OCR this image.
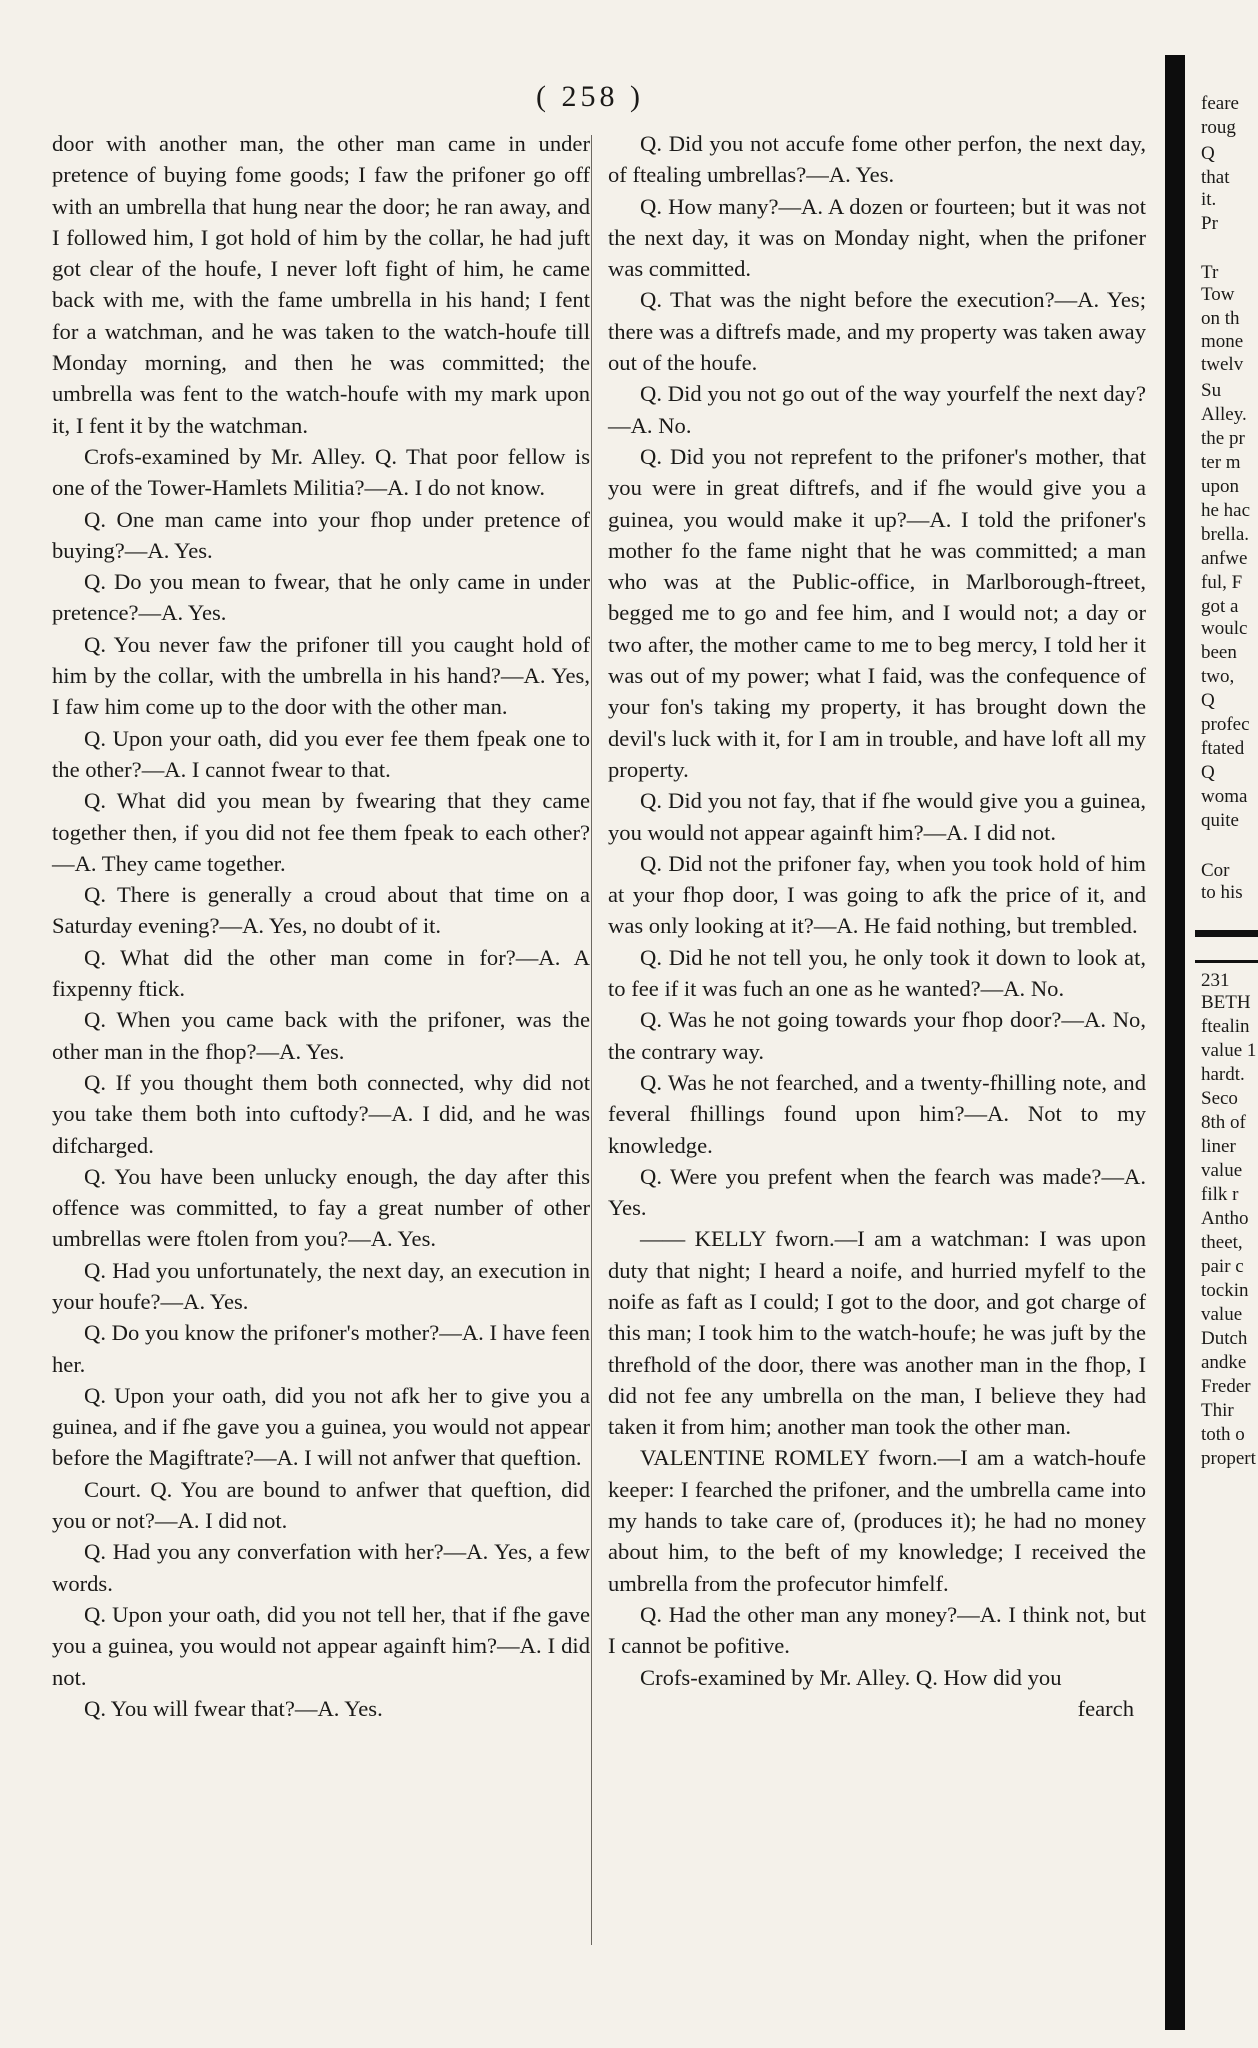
( 258 )

door with another man, the other man came in under pretence of buying fome goods; I faw the prifoner go off with an umbrella that hung near the door; he ran away, and I followed him, I got hold of him by the collar, he had juft got clear of the houfe, I never loft fight of him, he came back with me, with the fame umbrella in his hand; I fent for a watchman, and he was taken to the watch-houfe till Monday morning, and then he was committed; the umbrella was fent to the watch-houfe with my mark upon it, I fent it by the watchman.

Crofs-examined by Mr. Alley. Q. That poor fellow is one of the Tower-Hamlets Militia?—A. I do not know.

Q. One man came into your fhop under pretence of buying?—A. Yes.

Q. Do you mean to fwear, that he only came in under pretence?—A. Yes.

Q. You never faw the prifoner till you caught hold of him by the collar, with the umbrella in his hand?—A. Yes, I faw him come up to the door with the other man.

Q. Upon your oath, did you ever fee them fpeak one to the other?—A. I cannot fwear to that.

Q. What did you mean by fwearing that they came together then, if you did not fee them fpeak to each other?—A. They came together.

Q. There is generally a croud about that time on a Saturday evening?—A. Yes, no doubt of it.

Q. What did the other man come in for?—A. A fixpenny ftick.

Q. When you came back with the prifoner, was the other man in the fhop?—A. Yes.

Q. If you thought them both connected, why did not you take them both into cuftody?—A. I did, and he was difcharged.

Q. You have been unlucky enough, the day after this offence was committed, to fay a great number of other umbrellas were ftolen from you?—A. Yes.

Q. Had you unfortunately, the next day, an execution in your houfe?—A. Yes.

Q. Do you know the prifoner's mother?—A. I have feen her.

Q. Upon your oath, did you not afk her to give you a guinea, and if fhe gave you a guinea, you would not appear before the Magiftrate?—A. I will not anfwer that queftion.

Court. Q. You are bound to anfwer that queftion, did you or not?—A. I did not.

Q. Had you any converfation with her?—A. Yes, a few words.

Q. Upon your oath, did you not tell her, that if fhe gave you a guinea, you would not appear againft him?—A. I did not.

Q. You will fwear that?—A. Yes.

Q. Did you not accufe fome other perfon, the next day, of ftealing umbrellas?—A. Yes.

Q. How many?—A. A dozen or fourteen; but it was not the next day, it was on Monday night, when the prifoner was committed.

Q. That was the night before the execution?—A. Yes; there was a diftrefs made, and my property was taken away out of the houfe.

Q. Did you not go out of the way yourfelf the next day?—A. No.

Q. Did you not reprefent to the prifoner's mother, that you were in great diftrefs, and if fhe would give you a guinea, you would make it up?—A. I told the prifoner's mother fo the fame night that he was committed; a man who was at the Public-office, in Marlborough-ftreet, begged me to go and fee him, and I would not; a day or two after, the mother came to me to beg mercy, I told her it was out of my power; what I faid, was the confequence of your fon's taking my property, it has brought down the devil's luck with it, for I am in trouble, and have loft all my property.

Q. Did you not fay, that if fhe would give you a guinea, you would not appear againft him?—A. I did not.

Q. Did not the prifoner fay, when you took hold of him at your fhop door, I was going to afk the price of it, and was only looking at it?—A. He faid nothing, but trembled.

Q. Did he not tell you, he only took it down to look at, to fee if it was fuch an one as he wanted?—A. No.

Q. Was he not going towards your fhop door?—A. No, the contrary way.

Q. Was he not fearched, and a twenty-fhilling note, and feveral fhillings found upon him?—A. Not to my knowledge.

Q. Were you prefent when the fearch was made?—A. Yes.

—— KELLY fworn.—I am a watchman: I was upon duty that night; I heard a noife, and hurried myfelf to the noife as faft as I could; I got to the door, and got charge of this man; I took him to the watch-houfe; he was juft by the threfhold of the door, there was another man in the fhop, I did not fee any umbrella on the man, I believe they had taken it from him; another man took the other man.

VALENTINE ROMLEY fworn.—I am a watch-houfe keeper: I fearched the prifoner, and the umbrella came into my hands to take care of, (produces it); he had no money about him, to the beft of my knowledge; I received the umbrella from the profecutor himfelf.

Q. Had the other man any money?—A. I think not, but I cannot be pofitive.

Crofs-examined by Mr. Alley. Q. How did you

fearch

feare
roug
Q
that
it.
Pr
Tr
Tow
on th
mone
twelv
Su
Alley.
the pr
ter m
upon
he hac
brella.
anfwe
ful, F
got a
woulc
been
two,
Q
profec
ftated
Q
woma
quite
Cor
to his
231
BETH
ftealin
value 1
hardt.
Seco
8th of
liner
value
filk r
Antho
theet,
pair c
tockin
value
Dutch
andke
Freder
Thir
toth o
propert
